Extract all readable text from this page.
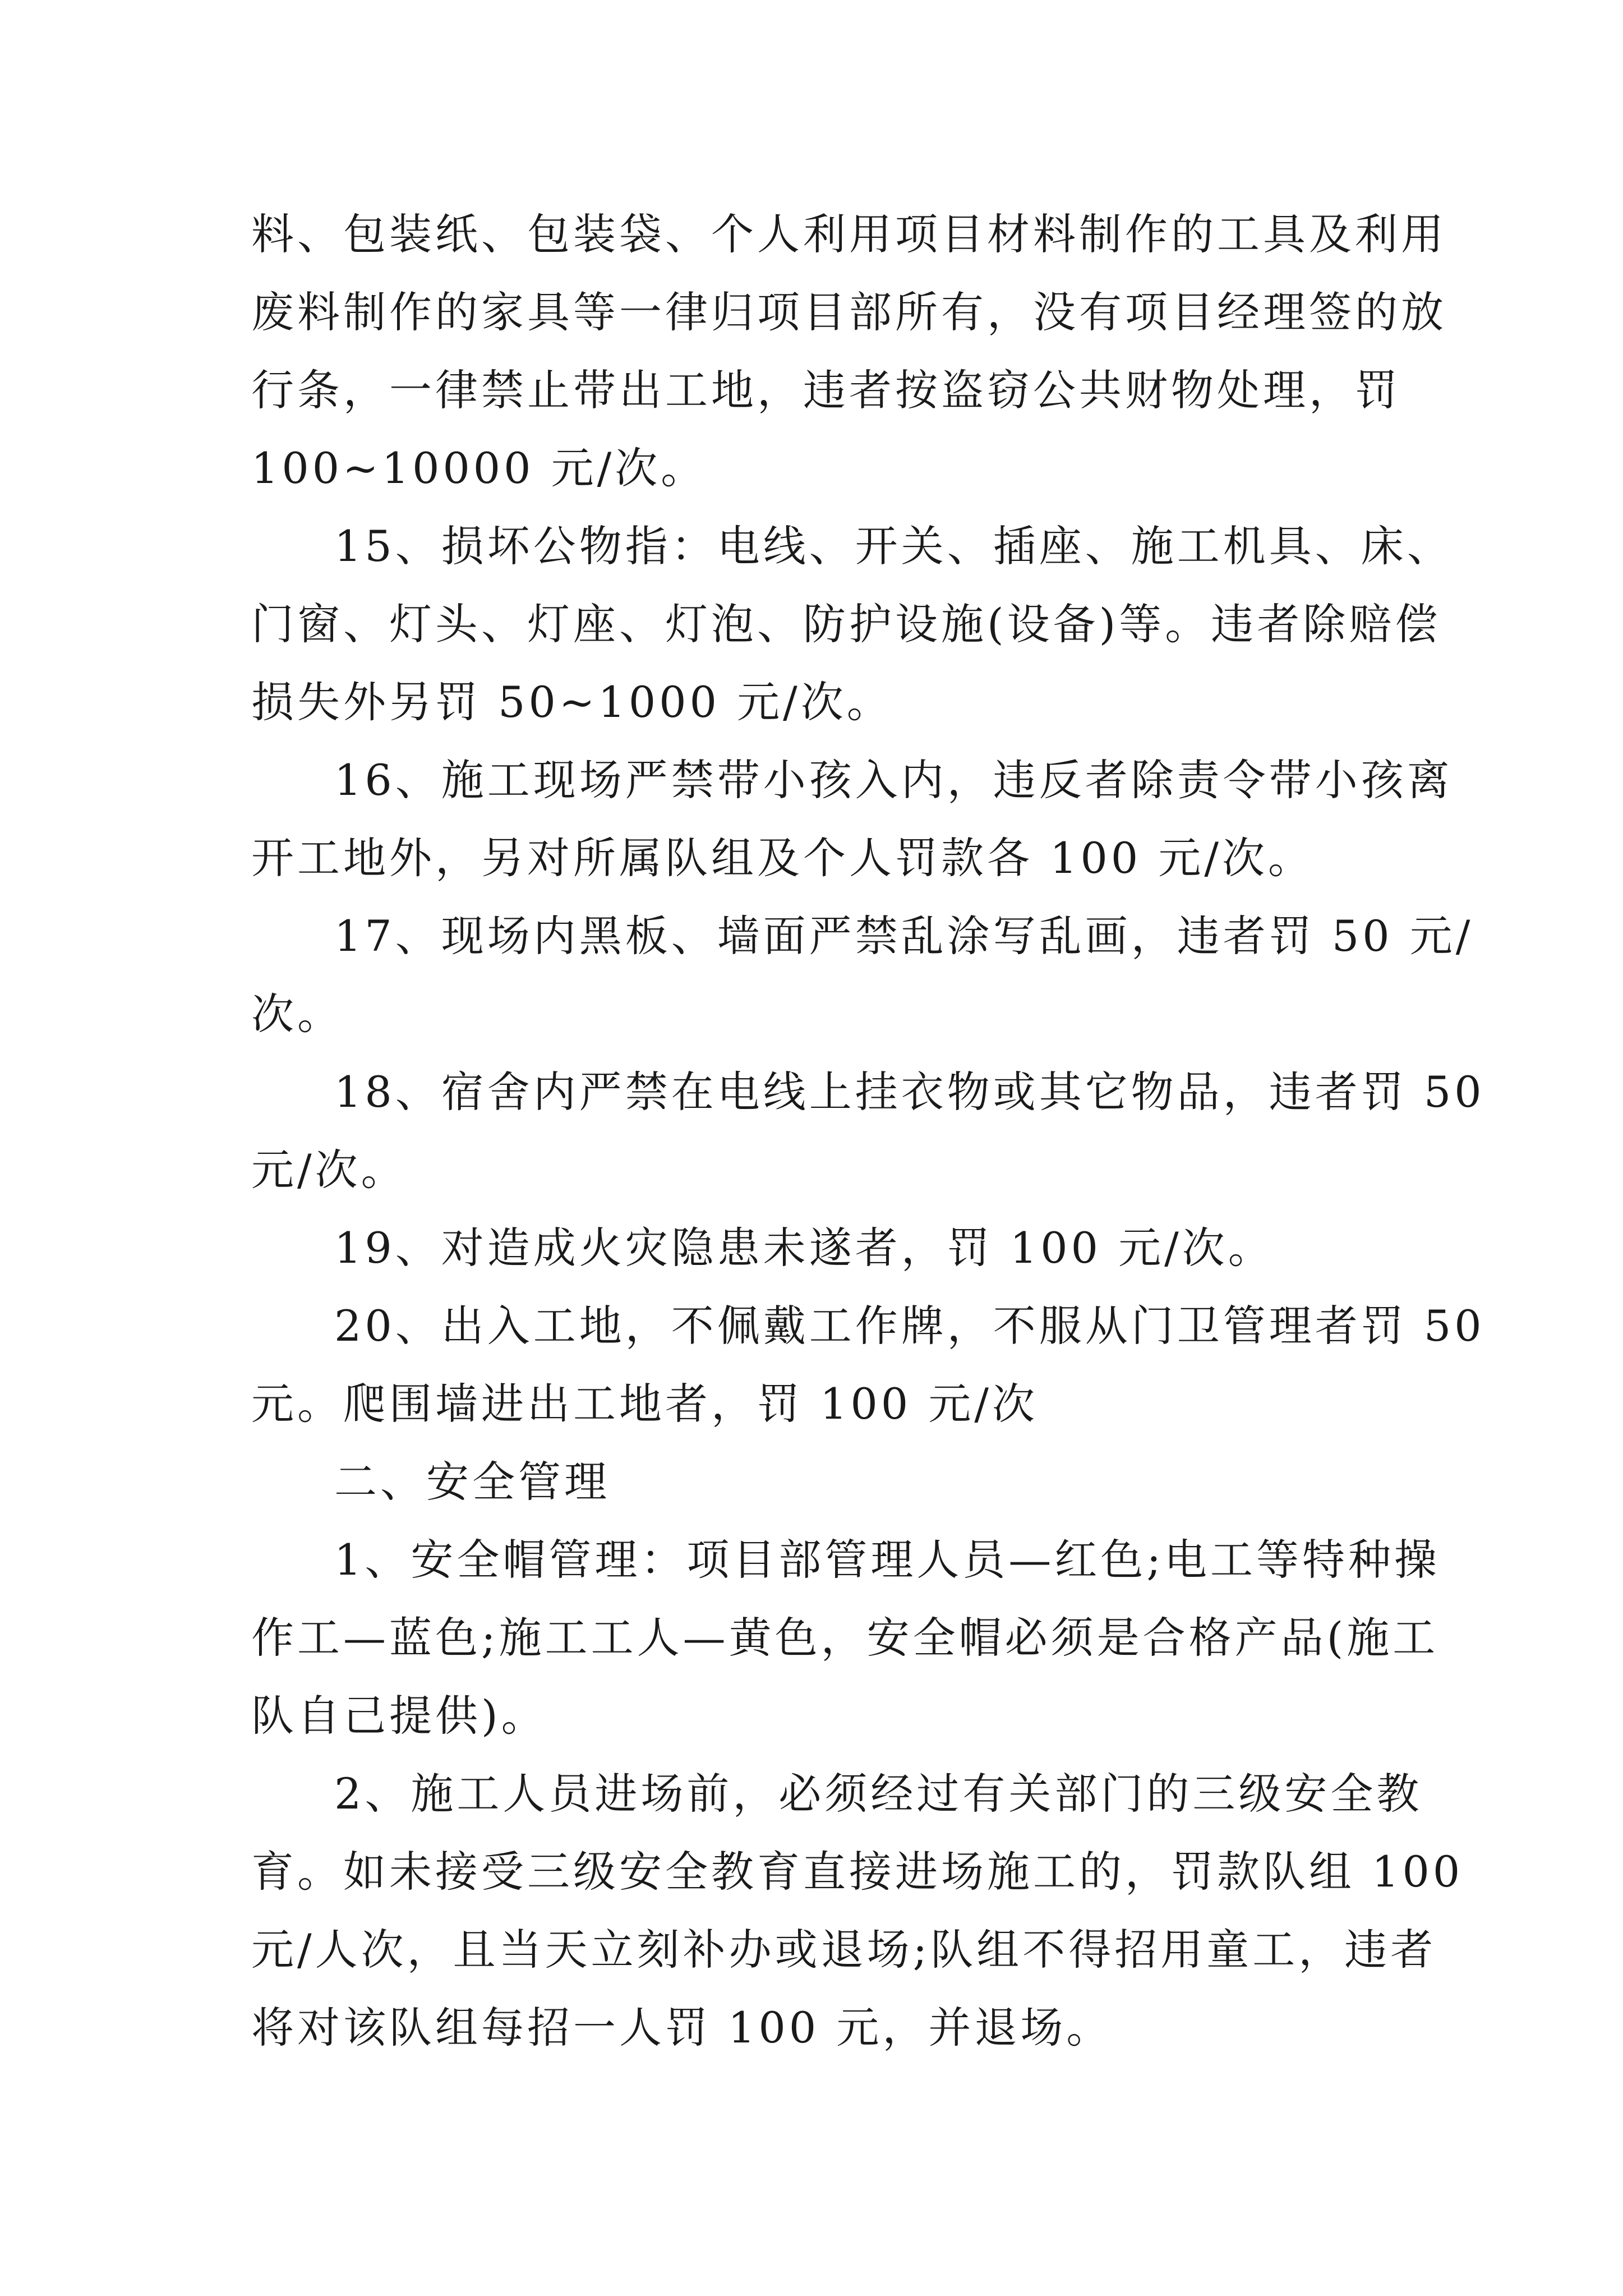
料、包装纸、包装袋、个人利用项目材料制作的工具及利用
废料制作的家具等一律归项目部所有，没有项目经理签的放
行条，一律禁止带出工地，违者按盗窃公共财物处理，罚
100~10000 元/次。
15、损坏公物指：电线、开关、插座、施工机具、床、
门窗、灯头、灯座、灯泡、防护设施(设备)等。违者除赔偿
损失外另罚 50~1000 元/次。
16、施工现场严禁带小孩入内，违反者除责令带小孩离
开工地外，另对所属队组及个人罚款各 100 元/次。
17、现场内黑板、墙面严禁乱涂写乱画，违者罚 50 元/
次。
18、宿舍内严禁在电线上挂衣物或其它物品，违者罚 50
元/次。
19、对造成火灾隐患未遂者，罚 100 元/次。
20、出入工地，不佩戴工作牌，不服从门卫管理者罚 50
元。爬围墙进出工地者，罚 100 元/次
二、安全管理
1、安全帽管理：项目部管理人员—红色;电工等特种操
作工—蓝色;施工工人—黄色，安全帽必须是合格产品(施工
队自己提供)。
2、施工人员进场前，必须经过有关部门的三级安全教
育。如未接受三级安全教育直接进场施工的，罚款队组 100
元/人次，且当天立刻补办或退场;队组不得招用童工，违者
将对该队组每招一人罚 100 元，并退场。
